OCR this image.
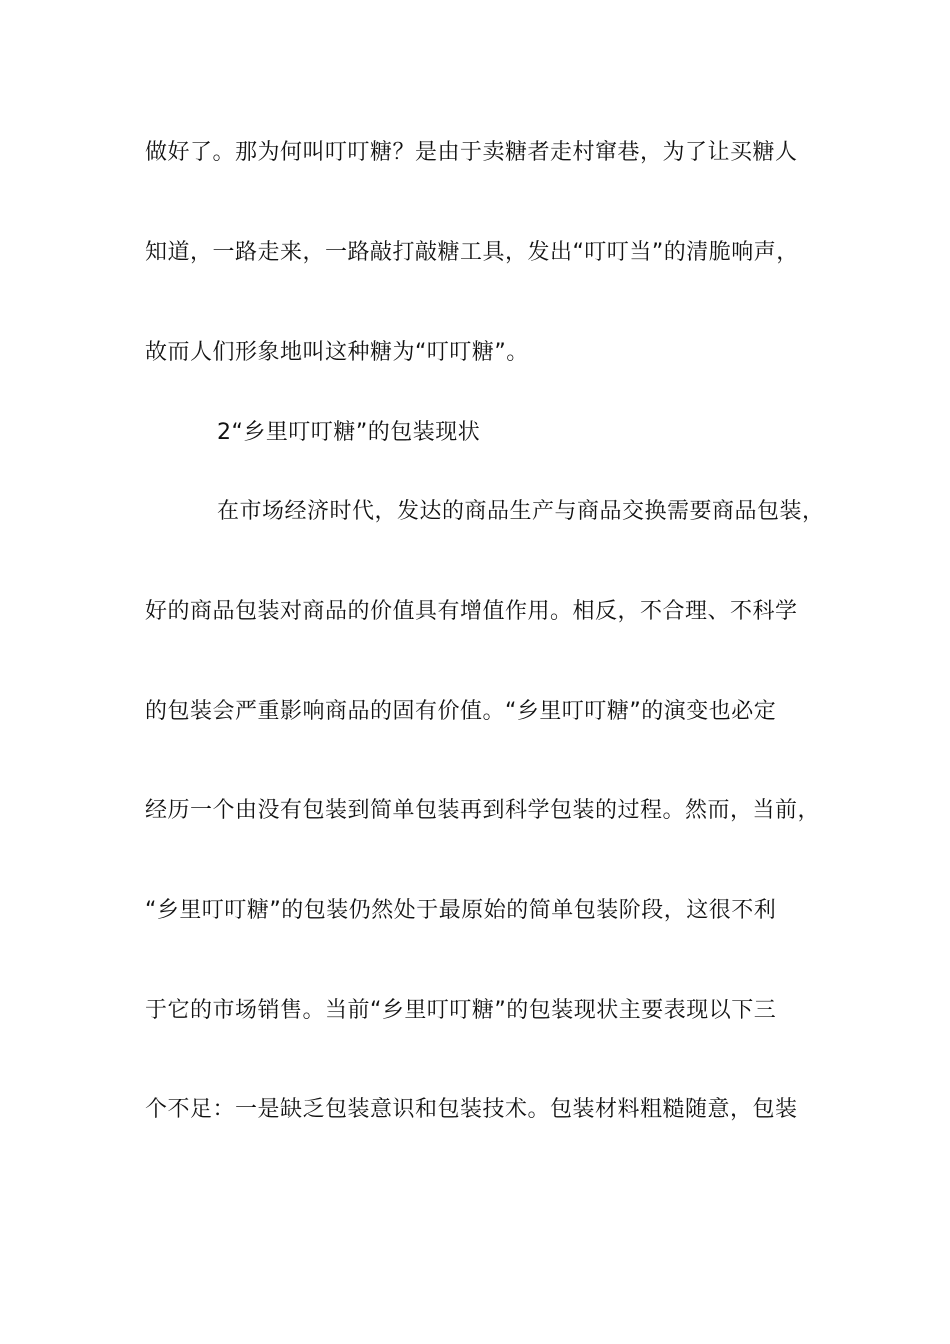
做好了。那为何叫叮叮糖？是由于卖糖者走村窜巷，为了让买糖人
知道，一路走来，一路敲打敲糖工具，发出“叮叮当”的清脆响声，
故而人们形象地叫这种糖为“叮叮糖”。
2“乡里叮叮糖”的包装现状
在市场经济时代，发达的商品生产与商品交换需要商品包装，
好的商品包装对商品的价值具有增值作用。相反，不合理、不科学
的包装会严重影响商品的固有价值。“乡里叮叮糖”的演变也必定
经历一个由没有包装到简单包装再到科学包装的过程。然而，当前，
“乡里叮叮糖”的包装仍然处于最原始的简单包装阶段，这很不利
于它的市场销售。当前“乡里叮叮糖”的包装现状主要表现以下三
个不足：一是缺乏包装意识和包装技术。包装材料粗糙随意，包装
